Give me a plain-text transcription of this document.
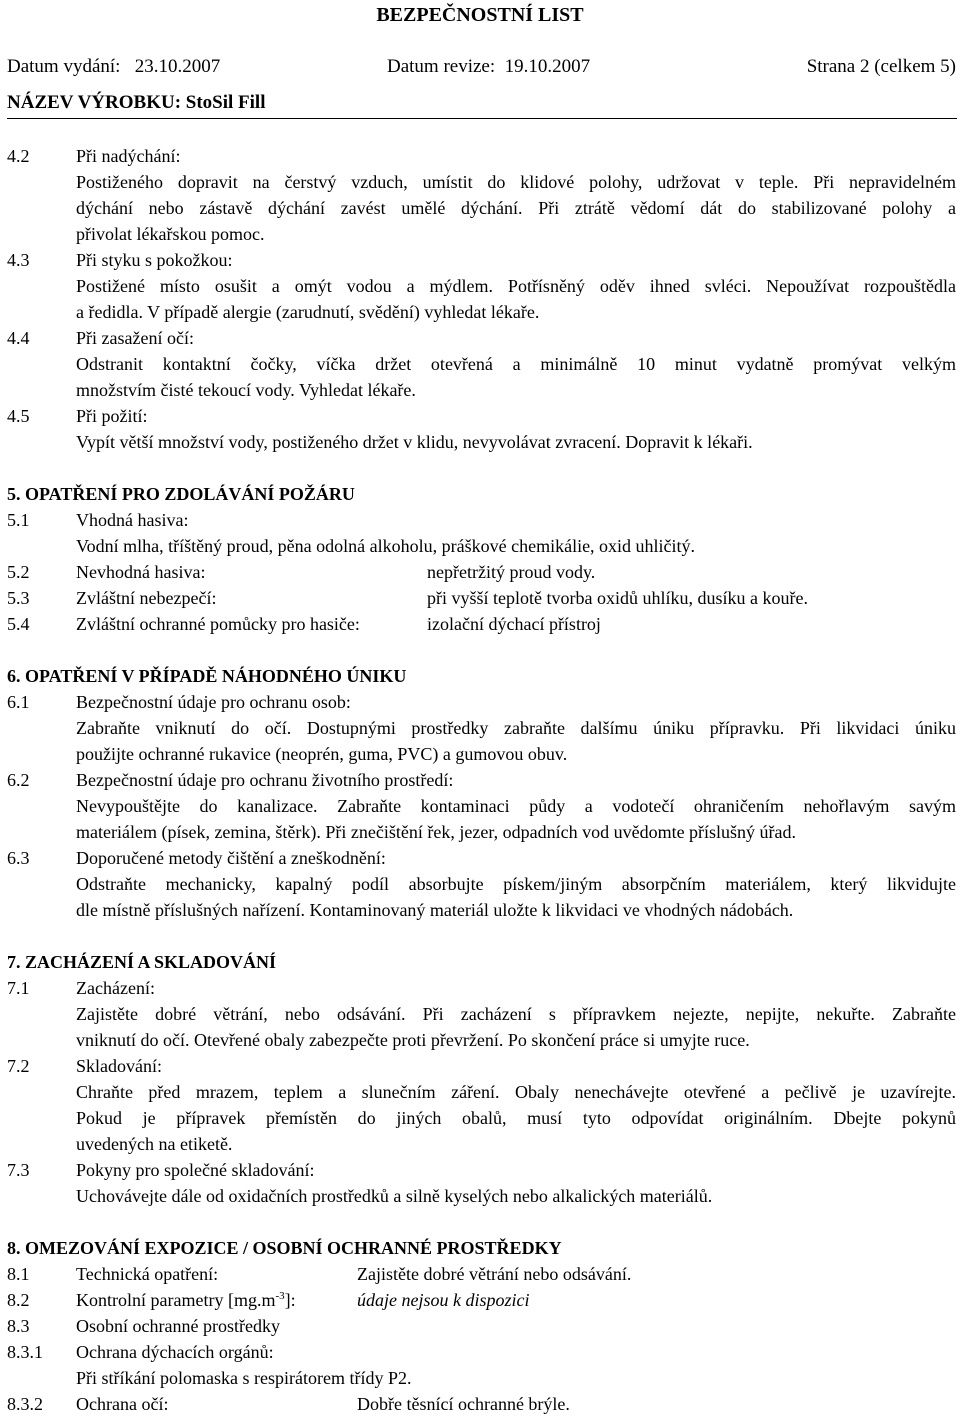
BEZPEČNOSTNÍ LIST
Datum vydání: 23.10.2007	Datum revize: 19.10.2007	Strana 2 (celkem 5)
NÁZEV VÝROBKU: StoSil Fill
4.2	Při nadýchání:
Postiženého dopravit na čerstvý vzduch, umístit do klidové polohy, udržovat v teple. Při nepravidelném
dýchání nebo zástavě dýchání zavést umělé dýchání. Při ztrátě vědomí dát do stabilizované polohy a
přivolat lékařskou pomoc.
4.3	Při styku s pokožkou:
Postižené místo osušit a omýt vodou a mýdlem. Potřísněný oděv ihned svléci. Nepoužívat rozpouštědla
a ředidla. V případě alergie (zarudnutí, svědění) vyhledat lékaře.
4.4	Při zasažení očí:
Odstranit kontaktní čočky, víčka držet otevřená a minimálně 10 minut vydatně promývat velkým
množstvím čisté tekoucí vody. Vyhledat lékaře.
4.5	Při požití:
Vypít větší množství vody, postiženého držet v klidu, nevyvolávat zvracení. Dopravit k lékaři.
5. OPATŘENÍ PRO ZDOLÁVÁNÍ POŽÁRU
5.1	Vhodná hasiva:
Vodní mlha, tříštěný proud, pěna odolná alkoholu, práškové chemikálie, oxid uhličitý.
5.2	Nevhodná hasiva:	nepřetržitý proud vody.
5.3	Zvláštní nebezpečí:	při vyšší teplotě tvorba oxidů uhlíku, dusíku a kouře.
5.4	Zvláštní ochranné pomůcky pro hasiče:	izolační dýchací přístroj
6. OPATŘENÍ V PŘÍPADĚ NÁHODNÉHO ÚNIKU
6.1	Bezpečnostní údaje pro ochranu osob:
Zabraňte vniknutí do očí. Dostupnými prostředky zabraňte dalšímu úniku přípravku. Při likvidaci úniku
použijte ochranné rukavice (neoprén, guma, PVC) a gumovou obuv.
6.2	Bezpečnostní údaje pro ochranu životního prostředí:
Nevypouštějte do kanalizace. Zabraňte kontaminaci půdy a vodotečí ohraničením nehořlavým savým
materiálem (písek, zemina, štěrk). Při znečištění řek, jezer, odpadních vod uvědomte příslušný úřad.
6.3	Doporučené metody čištění a zneškodnění:
Odstraňte mechanicky, kapalný podíl absorbujte pískem/jiným absorpčním materiálem, který likvidujte
dle místně příslušných nařízení. Kontaminovaný materiál uložte k likvidaci ve vhodných nádobách.
7. ZACHÁZENÍ A SKLADOVÁNÍ
7.1	Zacházení:
Zajistěte dobré větrání, nebo odsávání. Při zacházení s přípravkem nejezte, nepijte, nekuřte. Zabraňte
vniknutí do očí. Otevřené obaly zabezpečte proti převržení. Po skončení práce si umyjte ruce.
7.2	Skladování:
Chraňte před mrazem, teplem a slunečním záření. Obaly nenechávejte otevřené a pečlivě je uzavírejte.
Pokud je přípravek přemístěn do jiných obalů, musí tyto odpovídat originálním. Dbejte pokynů
uvedených na etiketě.
7.3	Pokyny pro společné skladování:
Uchovávejte dále od oxidačních prostředků a silně kyselých nebo alkalických materiálů.
8. OMEZOVÁNÍ EXPOZICE / OSOBNÍ OCHRANNÉ PROSTŘEDKY
8.1	Technická opatření:	Zajistěte dobré větrání nebo odsávání.
8.2	Kontrolní parametry $[mg.m^{-3}]$:	údaje nejsou k dispozici
8.3	Osobní ochranné prostředky
8.3.1 Ochrana dýchacích orgánů:
Při stříkání polomaska s respirátorem třídy P2.
8.3.2 Ochrana očí:	Dobře těsnící ochranné brýle.
